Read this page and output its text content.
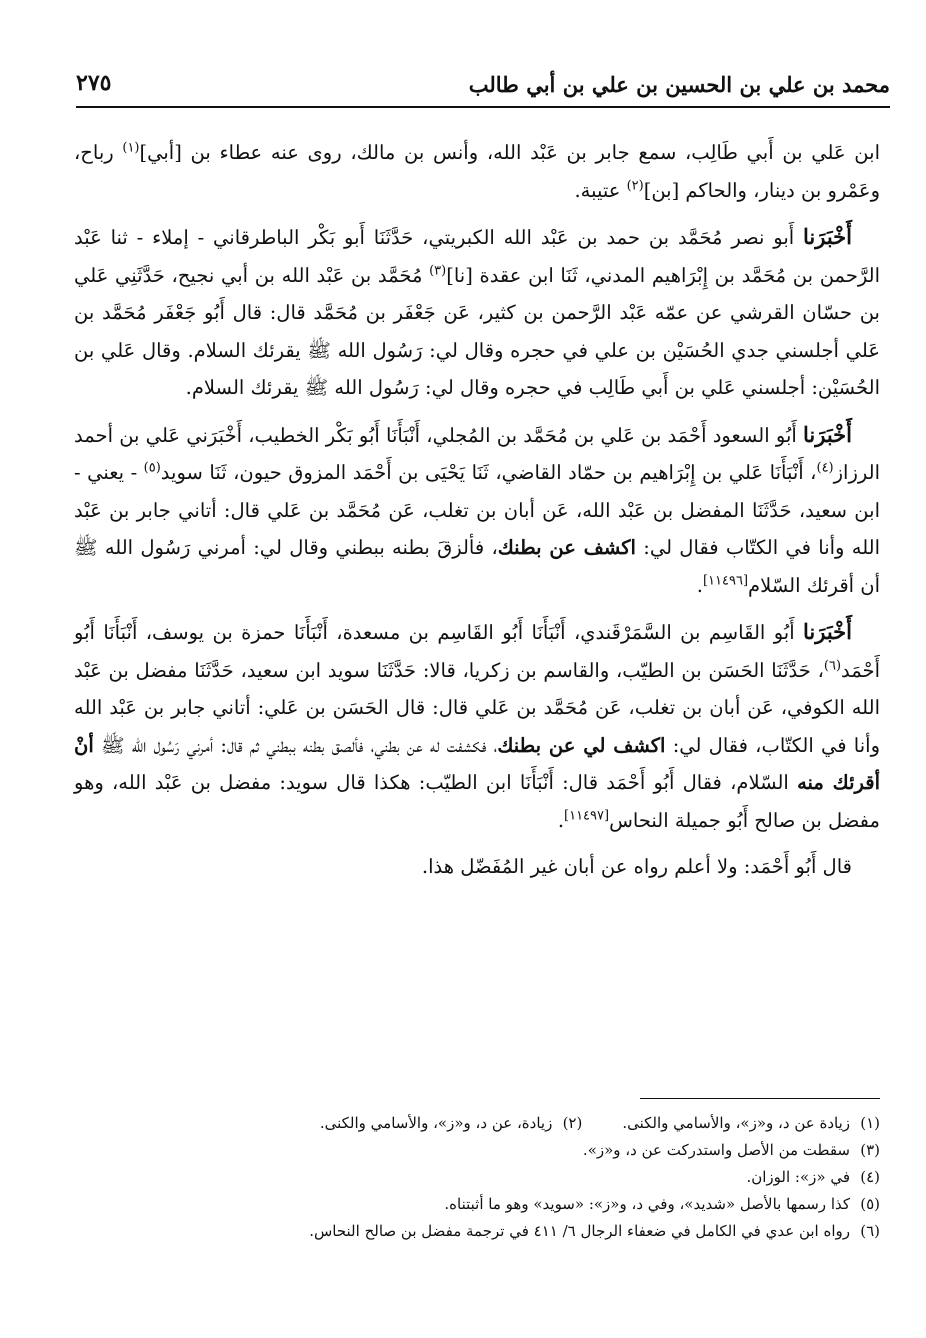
محمد بن علي بن الحسين بن علي بن أبي طالب
٢٧٥

ابن عَلي بن أَبي طَالِب، سمع جابر بن عَبْد الله، وأنس بن مالك، روى عنه عطاء بن [أبي]$^{(١)}$ رباح، وعَمْرو بن دينار، والحاكم [بن]$^{(٢)}$ عتيبة.

أَخْبَرَنا أَبو نصر مُحَمَّد بن حمد بن عَبْد الله الكبريتي، حَدَّثَنَا أَبو بَكْر الباطرقاني - إملاء - ثنا عَبْد الرَّحمن بن مُحَمَّد بن إِبْرَاهيم المدني، ثَنَا ابن عقدة [نا]$^{(٣)}$ مُحَمَّد بن عَبْد الله بن أبي نجيح، حَدَّثَنِي عَلي بن حسّان القرشي عن عمّه عَبْد الرَّحمن بن كثير، عَن جَعْفَر بن مُحَمَّد قال: قال أَبُو جَعْفَر مُحَمَّد بن عَلي أجلسني جدي الحُسَيْن بن علي في حجره وقال لي: رَسُول الله ﷺ يقرئك السلام. وقال عَلي بن الحُسَيْن: أجلسني عَلي بن أَبي طَالِب في حجره وقال لي: رَسُول الله ﷺ يقرئك السلام.

أَخْبَرَنا أَبُو السعود أَحْمَد بن عَلي بن مُحَمَّد بن المُجلي، أَنْبَأَنَا أَبُو بَكْر الخطيب، أَخْبَرَني عَلي بن أحمد الرزاز$^{(٤)}$، أَنْبَأَنَا عَلي بن إِبْرَاهيم بن حمّاد القاضي، ثَنَا يَحْيَى بن أَحْمَد المزوق حيون، ثَنَا سويد$^{(٥)}$ - يعني - ابن سعيد، حَدَّثَنَا المفضل بن عَبْد الله، عَن أبان بن تغلب، عَن مُحَمَّد بن عَلي قال: أتاني جابر بن عَبْد الله وأنا في الكتّاب فقال لي: اكشف عن بطنك، فألزقَ بطنه ببطني وقال لي: أمرني رَسُول الله ﷺ أن أقرئك السّلام[١١٤٩٦].

أَخْبَرَنا أَبُو القَاسِم بن السَّمَرْقَندي، أَنْبَأَنَا أَبُو القَاسِم بن مسعدة، أَنْبَأَنَا حمزة بن يوسف، أَنْبَأَنَا أَبُو أَحْمَد$^{(٦)}$، حَدَّثَنَا الحَسَن بن الطيّب، والقاسم بن زكريا، قالا: حَدَّثَنَا سويد ابن سعيد، حَدَّثَنَا مفضل بن عَبْد الله الكوفي، عَن أبان بن تغلب، عَن مُحَمَّد بن عَلي قال: قال الحَسَن بن عَلي: أتاني جابر بن عَبْد الله وأنا في الكتّاب، فقال لي: اكشف لي عن بطنك، فكشفت له عن بطني، فألصق بطنه ببطني ثم قال: أمرني رَسُول الله ﷺ أنْ أقرئك منه السّلام، فقال أَبُو أَحْمَد قال: أَنْبَأَنَا ابن الطيّب: هكذا قال سويد: مفضل بن عَبْد الله، وهو مفضل بن صالح أَبُو جميلة النحاس[١١٤٩٧].

قال أَبُو أَحْمَد: ولا أعلم رواه عن أبان غير المُفَضّل هذا.

(١)زيادة عن د، و«ز»، والأسامي والكنى.

(٢)زيادة، عن د، و«ز»، والأسامي والكنى.

(٣)سقطت من الأصل واستدركت عن د، و«ز».

(٤)في «ز»: الوزان.

(٥)كذا رسمها بالأصل «شديد»، وفي د، و«ز»: «سويد» وهو ما أثبتناه.

(٦)رواه ابن عدي في الكامل في ضعفاء الرجال ٦/ ٤١١ في ترجمة مفضل بن صالح النحاس.
